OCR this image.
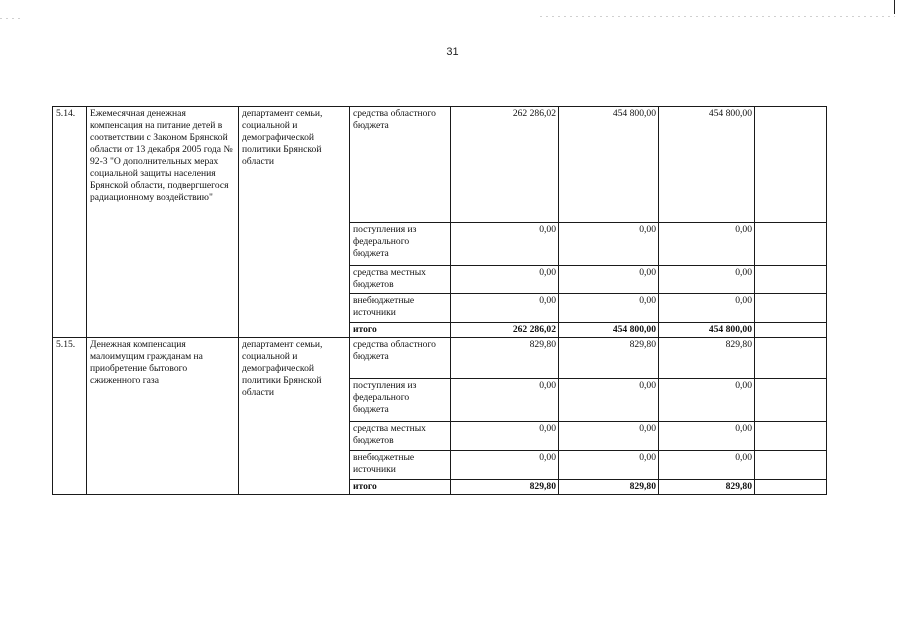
31
5.14.	Ежемесячная денежная компенсация на питание детей в соответствии с Законом Брянской области от 13 декабря 2005 года № 92-3 "О дополнительных мерах социальной защиты населения Брянской области, подвергшегося радиационному воздействию"	департамент семьи, социальной и демографической политики Брянской области	средства областного бюджета	262 286,02	454 800,00	454 800,00	
			поступления из федерального бюджета	0,00	0,00	0,00	
			средства местных бюджетов	0,00	0,00	0,00	
			внебюджетные источники	0,00	0,00	0,00	
			итого	262 286,02	454 800,00	454 800,00	
5.15.	Денежная компенсация малоимущим гражданам на приобретение бытового сжиженного газа	департамент семьи, социальной и демографической политики Брянской области	средства областного бюджета	829,80	829,80	829,80	
			поступления из федерального бюджета	0,00	0,00	0,00	
			средства местных бюджетов	0,00	0,00	0,00	
			внебюджетные источники	0,00	0,00	0,00	
			итого	829,80	829,80	829,80	
